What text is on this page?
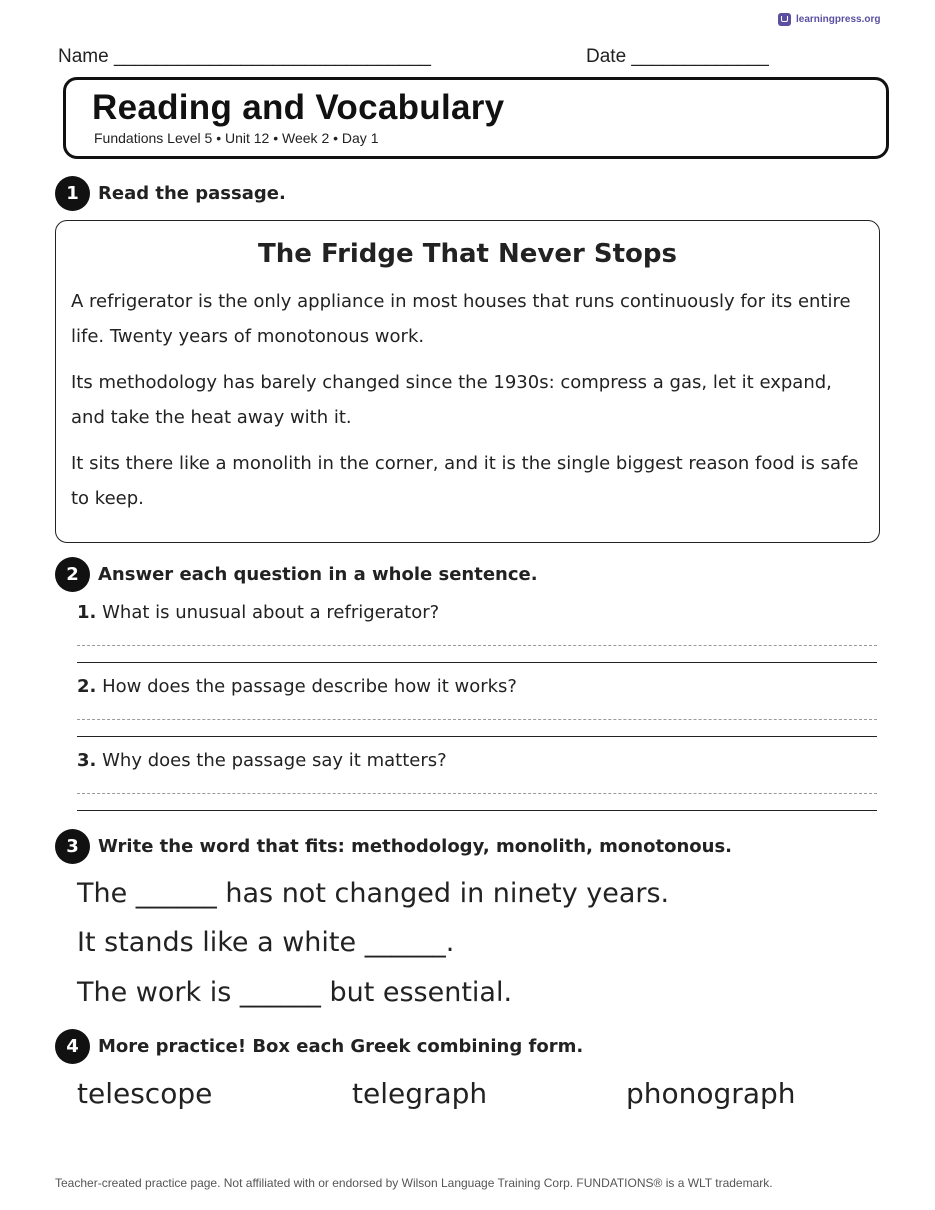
learningpress.org
Name ______________________________	Date _____________
Reading and Vocabulary
Fundations Level 5 • Unit 12 • Week 2 • Day 1
1	Read the passage.
The Fridge That Never Stops
A refrigerator is the only appliance in most houses that runs continuously for its entire life. Twenty years of monotonous work.
Its methodology has barely changed since the 1930s: compress a gas, let it expand, and take the heat away with it.
It sits there like a monolith in the corner, and it is the single biggest reason food is safe to keep.
2	Answer each question in a whole sentence.
1. What is unusual about a refrigerator?
2. How does the passage describe how it works?
3. Why does the passage say it matters?
3	Write the word that fits: methodology, monolith, monotonous.
The ______ has not changed in ninety years.
It stands like a white ______.
The work is ______ but essential.
4	More practice! Box each Greek combining form.
telescope	telegraph	phonograph
Teacher-created practice page. Not affiliated with or endorsed by Wilson Language Training Corp. FUNDATIONS® is a WLT trademark.
